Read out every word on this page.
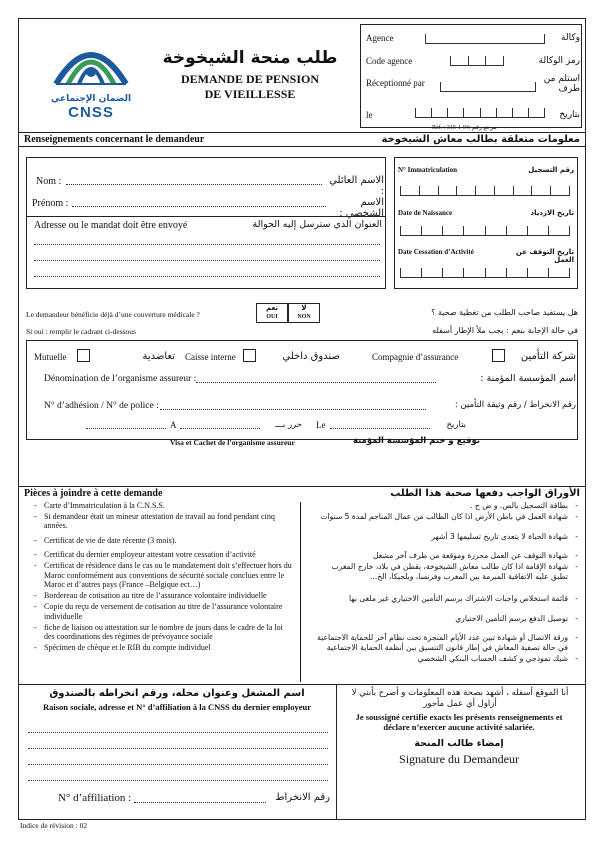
الضمان الإجتماعي
CNSS
طلب منحة الشيخوخة
DEMANDE DE PENSION
DE VIEILLESSE
Agence	وكالة
Code agence	رمز الوكالة
Réceptionné par	استلم من طرف
le	بتاريخ
Réf. : 315-1-04: مرجع رقم
Renseignements concernant le demandeur	معلومات متعلقة بطالب معاش الشيخوخة
Nom :	الاسم العائلي :
Prénom :	الاسم الشخصي :
Adresse ou le mandat doit être envoyé	العنوان الذي سترسل إليه الحوالة
N° Immatriculation	رقم التسجيل
Date de Naissance	تاريخ الازدياد
Date Cessation d’Activité	تاريخ التوقف عن العمل
Le demandeur bénéficie déjà d’une couverture médicale ?
نعم
OUI
لا
NON	هل يستفيد صاحب الطلب من تغطية صحية ؟
Si oui : remplir le cadrant ci-dessous	في حالة الإجابة بنعم : يجب ملأ الإطار أسفله
Mutuelle	تعاضدية Caisse interne	صندوق داخلي	Compagnie d’assurance	شركة التأمين
Dénomination de l’organisme assureur :	اسم المؤسسة المؤمنة :
N° d’adhésion / N° de police :	رقم الانخراط / رقم وثيقة التأمين :
A	حرر بـــ Le	بتاريخ
Visa et Cachet de l’organisme assureur	توقيع و ختم المؤسسة المؤمنة
Pièces à joindre à cette demande	الأوراق الواجب دفعها صحبة هذا الطلب
- Carte d’Immatriculation à la C.N.S.S.
- Si demandeur était un mineur attestation de travail au fond pendant cinq années.
- Certificat de vie de date récente (3 mois).
- Certificat du dernier employeur attestant votre cessation d’activité
- Certificat de résidence dans le cas ou le mandatement doit s’effectuer hors du Maroc conformément aux conventions de sécurité sociale conclues entre le Maroc et d’autres pays (France –Belgique ect…)
- Bordereau de cotisation au titre de l’assurance volontaire individuelle
- Copie du reçu de versement de cotisation au titre de l’assurance volontaire individuelle
- fiche de liaison ou attestation sur le nombre de jours dans le cadre de la loi des coordinations des régimes de prévoyance sociale
- Spécimen de chèque et le RIB du compte individuel
- بطاقة التسجيل بالص. و ض ج .
- شهادة العمل في باطن الأرض اذا كان الطالب من عمال المناجم لمدة 5 سنوات
- شهادة الحياة لا يتعدى تاريخ تسليمها 3 أشهر
- شهادة التوقف عن العمل محررة وموقعة من طرف آخر مشغل
- شهادة الإقامة اذا كان طالب معاش الشيخوخة، يقطن في بلاد، خارج المغرب تطبق عليه الاتفاقية المبرمة بين المغرب وفرنسا، وبلجيكا، الخ...
- قائمة استخلاص واجبات الاشتراك برسم التأمين الاختياري غير ملغى بها
- توصيل الدفع برسم التأمين الاختياري
- ورقة الاتصال أو شهادة تبين عدد الأيام المنجزة تحت نظام آخر للحماية الاجتماعية في حالة تصفية المعاش في إطار قانون التنسيق بين أنظمة الحماية الاجتماعية
- شيك نموذجي و كشف الحساب البنكي الشخصي
اسم المشغل وعنوان محله، ورقم انخراطه بالصندوق
Raison sociale, adresse et N° d’affiliation à la CNSS du dernier employeur
N° d’affiliation :	رقم الانخراط
أنا الموقع أسفله ، أشهد بصحة هذه المعلومات و أصرح بأنني لا أزاول أي عمل مأجور
Je soussigné certifie exacts les présents renseignements et déclare n’exercer aucune activité salariée.
إمضاء طالب المنحة
Signature du Demandeur
Indice de révision : 02
